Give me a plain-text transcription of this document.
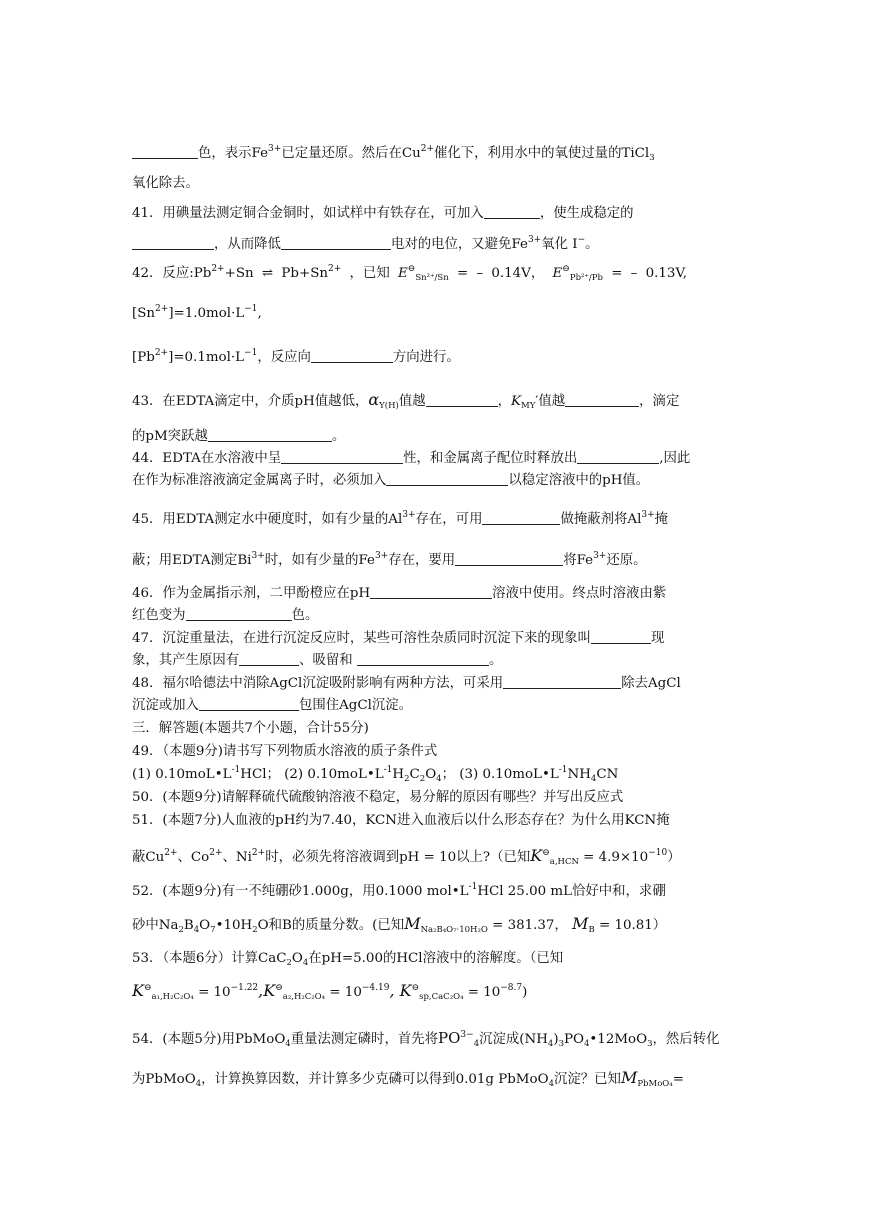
色，表示$Fe^{3+}$已定量还原。然后在$Cu^{2+}$催化下，利用水中的氧使过量的TiCl$_3$
氧化除去。
41．用碘量法测定铜合金铜时，如试样中有铁存在，可加入	，使生成稳定的
，从而降低	电对的电位，又避免$Fe^{3+}$氧化 I−。
42．反应$:Pb^{2+}+Sn$ ⇌ $Pb+Sn^{2+}$ ，已知 $E^⊖_{Sn^{2+}/Sn}$ = – 0.14V， $E^⊖_{Pb^{2+}/Pb}$ = – 0.13V,
$[Sn^{2+}]=1.0mol\cdot L^{-1}$,
$[Pb^{2+}]=0.1mol\cdot L^{-1}$，反应向	方向进行。
43．在EDTA滴定中，介质pH值越低，$\alpha_{Y(H)}$值越	，$K_{MY}'$值越	，滴定
的pM突跃越	。
44．EDTA在水溶液中呈	性，和金属离子配位时释放出	,因此
在作为标准溶液滴定金属离子时，必须加入	以稳定溶液中的pH值。
45．用EDTA测定水中硬度时，如有少量的$Al^{3+}$存在，可用	做掩蔽剂将$Al^{3+}$掩
蔽；用EDTA测定$Bi^{3+}$时，如有少量的$Fe^{3+}$存在，要用	将$Fe^{3+}$还原。
46．作为金属指示剂，二甲酚橙应在pH	溶液中使用。终点时溶液由紫
红色变为	色。
47．沉淀重量法，在进行沉淀反应时，某些可溶性杂质同时沉淀下来的现象叫	现
象，其产生原因有	、吸留和	。
48．福尔哈德法中消除AgCl沉淀吸附影响有两种方法，可采用	除去AgCl
沉淀或加入	包围住AgCl沉淀。
三．解答题(本题共7个小题，合计55分)
49．（本题9分)请书写下列物质水溶液的质子条件式
(1) $0.10moL•L^{-1}HCl$； (2) $0.10moL•L^{-1}H_2C_2O_4$； (3) $0.10moL•L^{-1}NH_4CN$
50．(本题9分)请解释硫代硫酸钠溶液不稳定，易分解的原因有哪些？并写出反应式
51．(本题7分)人血液的pH约为7.40，KCN进入血液后以什么形态存在？为什么用KCN掩
蔽$Cu^{2+}$、$Co^{2+}$、$Ni^{2+}$时，必须先将溶液调到pH = 10以上?（已知$K^⊖_{a,HCN} = 4.9\times 10^{-10}$）
52．(本题9分)有一不纯硼砂1.000g，用0.1000 $mol•L^{-1}HCl$ 25.00 mL恰好中和，求硼
砂中$Na_2B_4O_7•10H_2O$和B的质量分数。(已知$M_{Na_2B_4O_7\cdot 10H_2O} = 381.37$， $M_B = 10.81$）
53．（本题6分）计算$CaC_2O_4$在pH=5.00的HCl溶液中的溶解度。（已知
$K^⊖_{a_1,H_2C_2O_4} = 10^{-1.22},K^⊖_{a_2,H_2C_2O_4} = 10^{-4.19}$, $K^⊖_{sp,CaC_2O_4} = 10^{-8.7}$)
54．(本题5分)用PbMoO$_4$重量法测定磷时，首先将$PO^{3-}_4$沉淀成$(NH_4)_3PO_4•12MoO_3$，然后转化
为PbMoO$_4$，计算换算因数，并计算多少克磷可以得到0.01g PbMoO$_4$沉淀？已知$M_{PbMoO_4}=$
